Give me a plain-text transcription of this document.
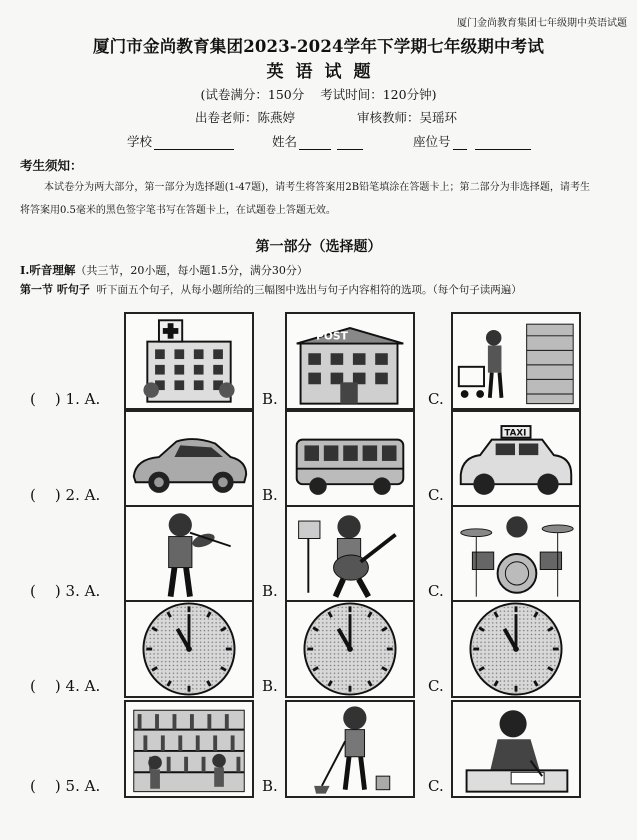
厦门金尚教育集团七年级期中英语试题
厦门市金尚教育集团2023-2024学年下学期七年级期中考试
英语试题
(试卷满分：150分 考试时间：120分钟)
出卷老师：陈燕婷	审核教师：吴瑶环
学校	姓名	座位号
考生须知：
本试卷分为两大部分，第一部分为选择题(1-47题)，请考生将答案用2B铅笔填涂在答题卡上；第二部分为非选择题，请考生将答案用0.5毫米的黑色签字笔书写在答题卡上，在试题卷上答题无效。
第一部分（选择题）
I.听音理解（共三节，20小题，每小题1.5分，满分30分）
第一节 听句子 听下面五个句子，从每小题所给的三幅图中选出与句子内容相符的选项。（每个句子读两遍）
(    ) 1. A.	B.	C.
POST
(    ) 2. A.	B.	C.
TAXI
(    ) 3. A.	B.	C.
(    ) 4. A.	B.	C.
(    ) 5. A.	B.	C.
